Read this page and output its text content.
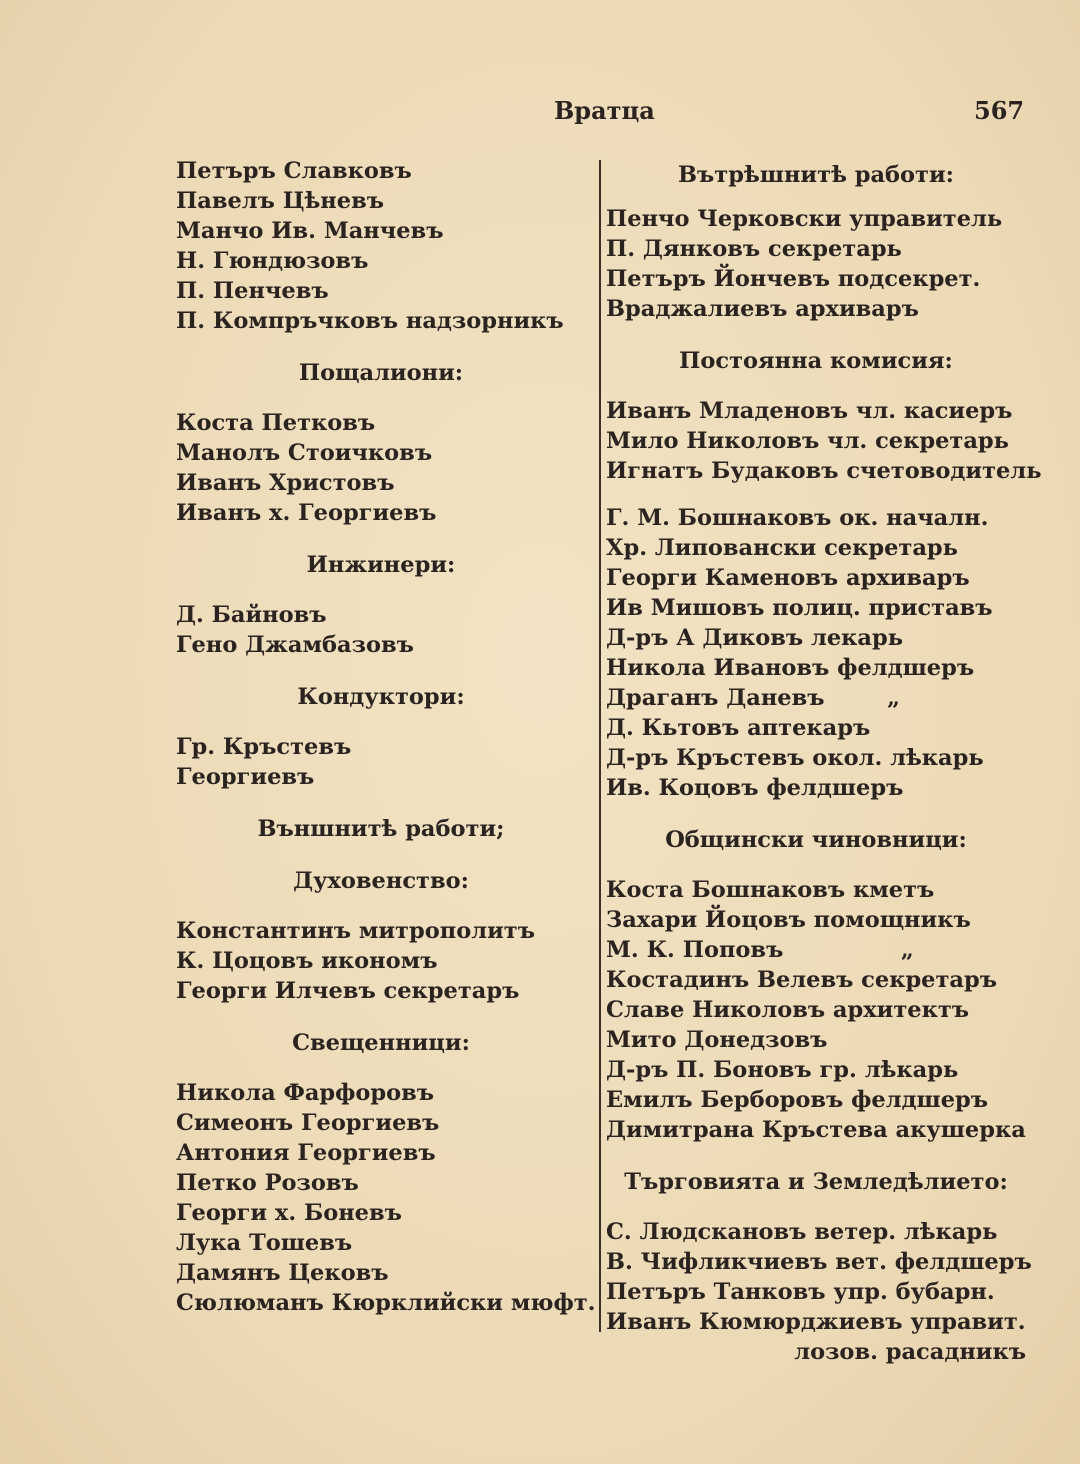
Вратца	567
Петъръ Славковъ
Павелъ Цѣневъ
Манчо Ив. Манчевъ
Н. Гюндюзовъ
П. Пенчевъ
П. Компръчковъ надзорникъ
Пощалиони:
Коста Петковъ
Манолъ Стоичковъ
Иванъ Христовъ
Иванъ х. Георгиевъ
Инжинери:
Д. Байновъ
Гено Джамбазовъ
Кондуктори:
Гр. Кръстевъ
Георгиевъ
Външнитѣ работи;
Духовенство:
Константинъ митрополитъ
К. Цоцовъ икономъ
Георги Илчевъ секретаръ
Свещенници:
Никола Фарфоровъ
Симеонъ Георгиевъ
Антония Георгиевъ
Петко Розовъ
Георги х. Боневъ
Лука Тошевъ
Дамянъ Цековъ
Сюлюманъ Кюрклийски мюфт.
Вътрѣшнитѣ работи:
Пенчо Черковски управитель
П. Дянковъ секретарь
Петъръ Йончевъ подсекрет.
Враджалиевъ архиваръ
Постоянна комисия:
Иванъ Младеновъ чл. касиеръ
Мило Николовъ чл. секретарь
Игнатъ Будаковъ счетоводитель
Г. М. Бошнаковъ ок. началн.
Хр. Липовански секретарь
Георги Каменовъ архиваръ
Ив Мишовъ полиц. приставъ
Д-ръ А Диковъ лекарь
Никола Ивановъ фелдшеръ
Драганъ Даневъ        „
Д. Кьтовъ аптекаръ
Д-ръ Кръстевъ окол. лѣкарь
Ив. Коцовъ фелдшеръ
Общински чиновници:
Коста Бошнаковъ кметъ
Захари Йоцовъ помощникъ
М. К. Поповъ               „
Костадинъ Велевъ секретаръ
Славе Николовъ архитектъ
Мито Донедзовъ
Д-ръ П. Боновъ гр. лѣкарь
Емилъ Берборовъ фелдшеръ
Димитрана Кръстева акушерка
Търговията и Земледѣлието:
С. Людскановъ ветер. лѣкарь
В. Чифликчиевъ вет. фелдшеръ
Петъръ Танковъ упр. бубарн.
Иванъ Кюмюрджиевъ управит.
лозов. расадникъ
